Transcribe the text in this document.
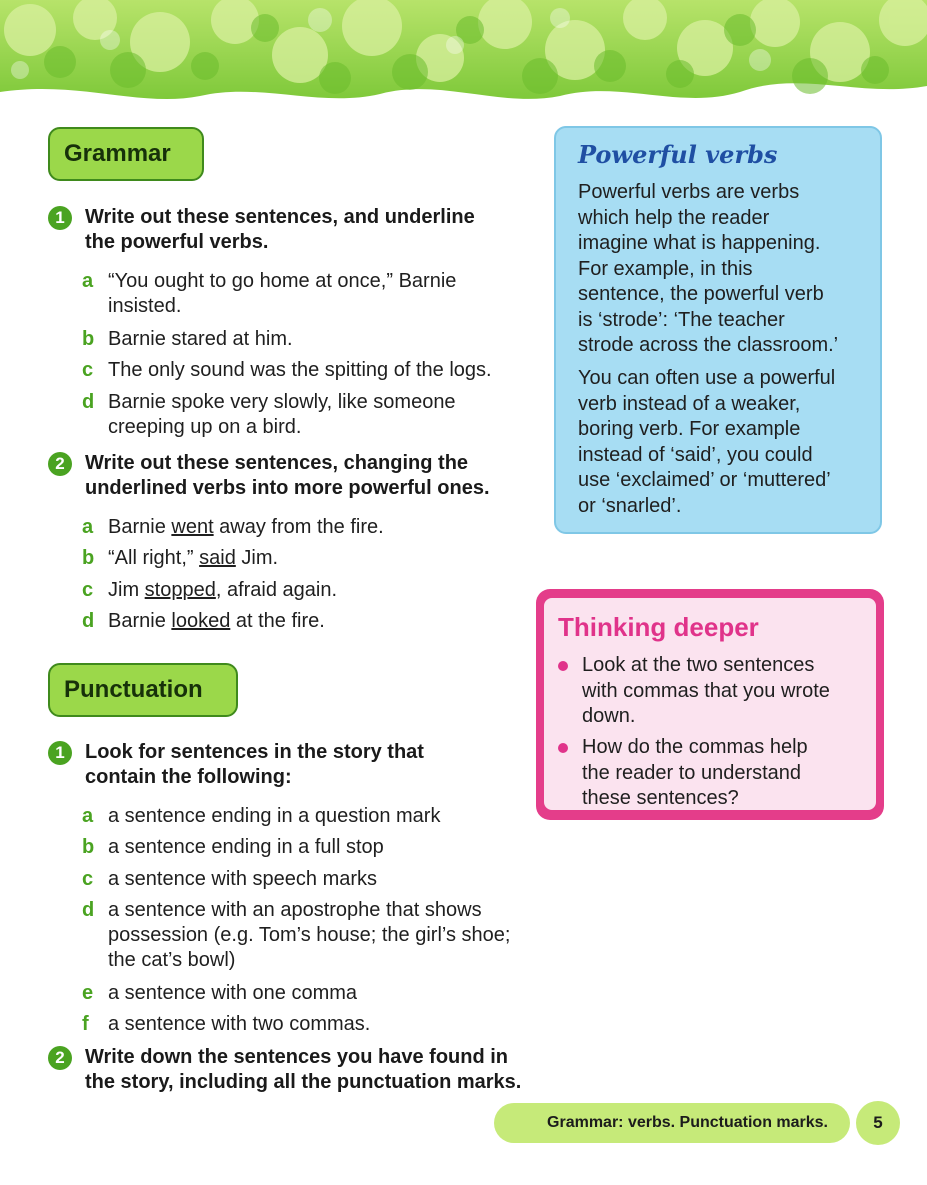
Grammar
1	Write out these sentences, and underline
the powerful verbs.
a “You ought to go home at once,” Barnie
insisted.
b Barnie stared at him.
c The only sound was the spitting of the logs.
d Barnie spoke very slowly, like someone
creeping up on a bird.
2	Write out these sentences, changing the
underlined verbs into more powerful ones.
a Barnie went away from the fire.
b “All right,” said Jim.
c Jim stopped, afraid again.
d Barnie looked at the fire.
Punctuation
1	Look for sentences in the story that
contain the following:
a a sentence ending in a question mark
b a sentence ending in a full stop
c a sentence with speech marks
d a sentence with an apostrophe that shows
possession (e.g. Tom’s house; the girl’s shoe;
the cat’s bowl)
e a sentence with one comma
f a sentence with two commas.
2	Write down the sentences you have found in
the story, including all the punctuation marks.
Powerful verbs
Powerful verbs are verbs
which help the reader
imagine what is happening.
For example, in this
sentence, the powerful verb
is ‘strode’: ‘The teacher
strode across the classroom.’
You can often use a powerful
verb instead of a weaker,
boring verb. For example
instead of ‘said’, you could
use ‘exclaimed’ or ‘muttered’
or ‘snarled’.
Thinking deeper
Look at the two sentences
with commas that you wrote
down.
How do the commas help
the reader to understand
these sentences?
Grammar: verbs. Punctuation marks.	5
